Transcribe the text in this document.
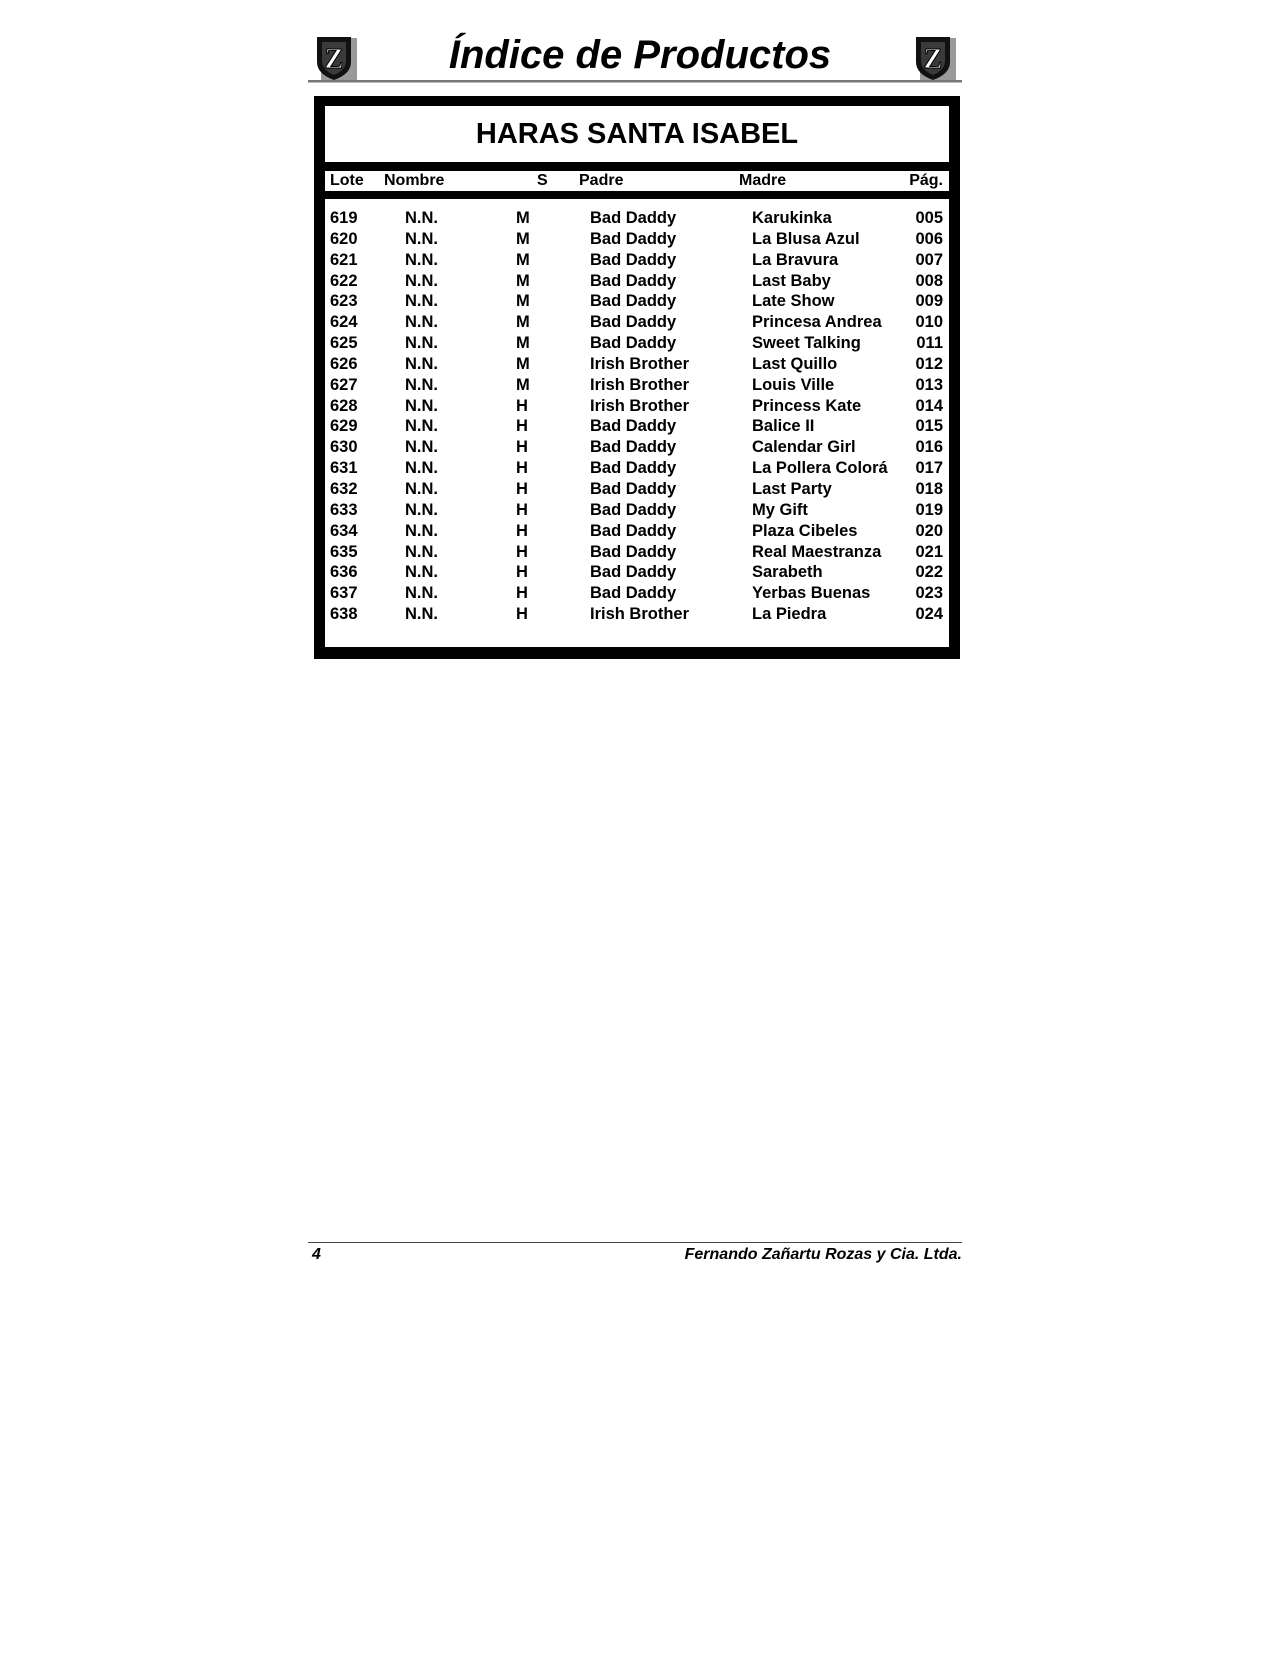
Z	Índice de Productos	Z
HARAS SANTA ISABEL
Lote Nombre	S Padre	Madre	Pág.
619	N.N.	M	Bad Daddy	Karukinka	005
620	N.N.	M	Bad Daddy	La Blusa Azul	006
621	N.N.	M	Bad Daddy	La Bravura	007
622	N.N.	M	Bad Daddy	Last Baby	008
623	N.N.	M	Bad Daddy	Late Show	009
624	N.N.	M	Bad Daddy	Princesa Andrea 010
625	N.N.	M	Bad Daddy	Sweet Talking	011
626	N.N.	M	Irish Brother	Last Quillo	012
627	N.N.	M	Irish Brother	Louis Ville	013
628	N.N.	H	Irish Brother	Princess Kate	014
629	N.N.	H	Bad Daddy	Balice II	015
630	N.N.	H	Bad Daddy	Calendar Girl	016
631	N.N.	H	Bad Daddy	La Pollera Colorá 017
632	N.N.	H	Bad Daddy	Last Party	018
633	N.N.	H	Bad Daddy	My Gift	019
634	N.N.	H	Bad Daddy	Plaza Cibeles	020
635	N.N.	H	Bad Daddy	Real Maestranza 021
636	N.N.	H	Bad Daddy	Sarabeth	022
637	N.N.	H	Bad Daddy	Yerbas Buenas	023
638	N.N.	H	Irish Brother	La Piedra	024
4	Fernando Zañartu Rozas y Cia. Ltda.
